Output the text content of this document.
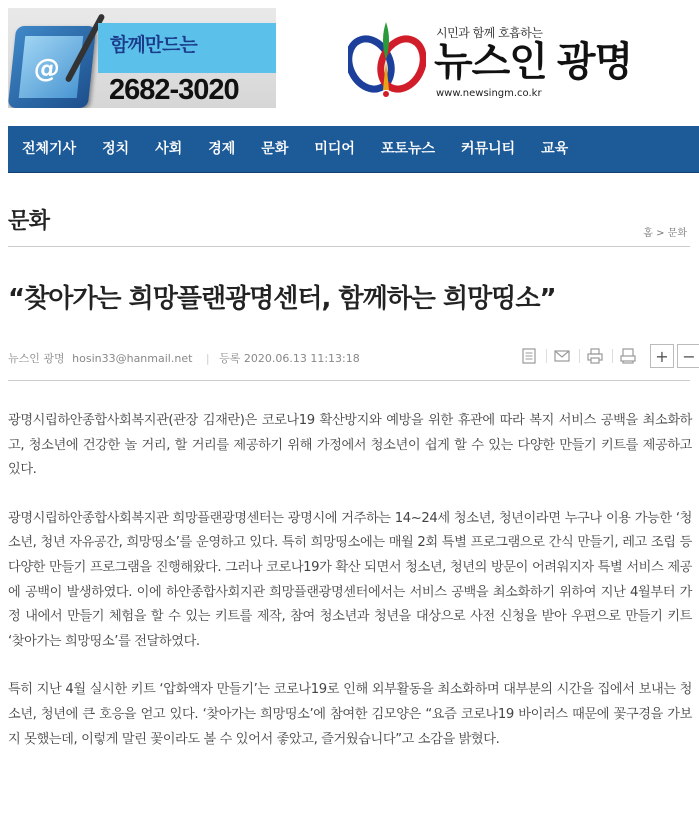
@
함께만드는
2682-3020
시민과 함께 호흡하는
뉴스인 광명
www.newsingm.co.kr
전체기사	정치	사회	경제	문화	미디어	포토뉴스	커뮤니티	교육
문화	홈 > 문화
“찾아가는 희망플랜광명센터, 함께하는 희망띵소”
뉴스인 광명 hosin33@hanmail.net | 등록 2020.06.13 11:13:18	+ −

광명시립하안종합사회복지관(관장 김재란)은 코로나19 확산방지와 예방을 위한 휴관에 따라 복지 서비스 공백을 최소화하고, 청소년에 건강한 놀 거리, 할 거리를 제공하기 위해 가정에서 청소년이 쉽게 할 수 있는 다양한 만들기 키트를 제공하고 있다.

광명시립하안종합사회복지관 희망플랜광명센터는 광명시에 거주하는 14~24세 청소년, 청년이라면 누구나 이용 가능한 ‘청소년, 청년 자유공간, 희망띵소’를 운영하고 있다. 특히 희망띵소에는 매월 2회 특별 프로그램으로 간식 만들기, 레고 조립 등 다양한 만들기 프로그램을 진행해왔다. 그러나 코로나19가 확산 되면서 청소년, 청년의 방문이 어려워지자 특별 서비스 제공에 공백이 발생하였다. 이에 하안종합사회지관 희망플랜광명센터에서는 서비스 공백을 최소화하기 위하여 지난 4월부터 가정 내에서 만들기 체험을 할 수 있는 키트를 제작, 참여 청소년과 청년을 대상으로 사전 신청을 받아 우편으로 만들기 키트 ‘찾아가는 희망띵소’를 전달하였다.

특히 지난 4월 실시한 키트 ‘압화액자 만들기’는 코로나19로 인해 외부활동을 최소화하며 대부분의 시간을 집에서 보내는 청소년, 청년에 큰 호응을 얻고 있다. ‘찾아가는 희망띵소’에 참여한 김모양은 “요즘 코로나19 바이러스 때문에 꽃구경을 가보지 못했는데, 이렇게 말린 꽃이라도 볼 수 있어서 좋았고, 즐거웠습니다”고 소감을 밝혔다.
